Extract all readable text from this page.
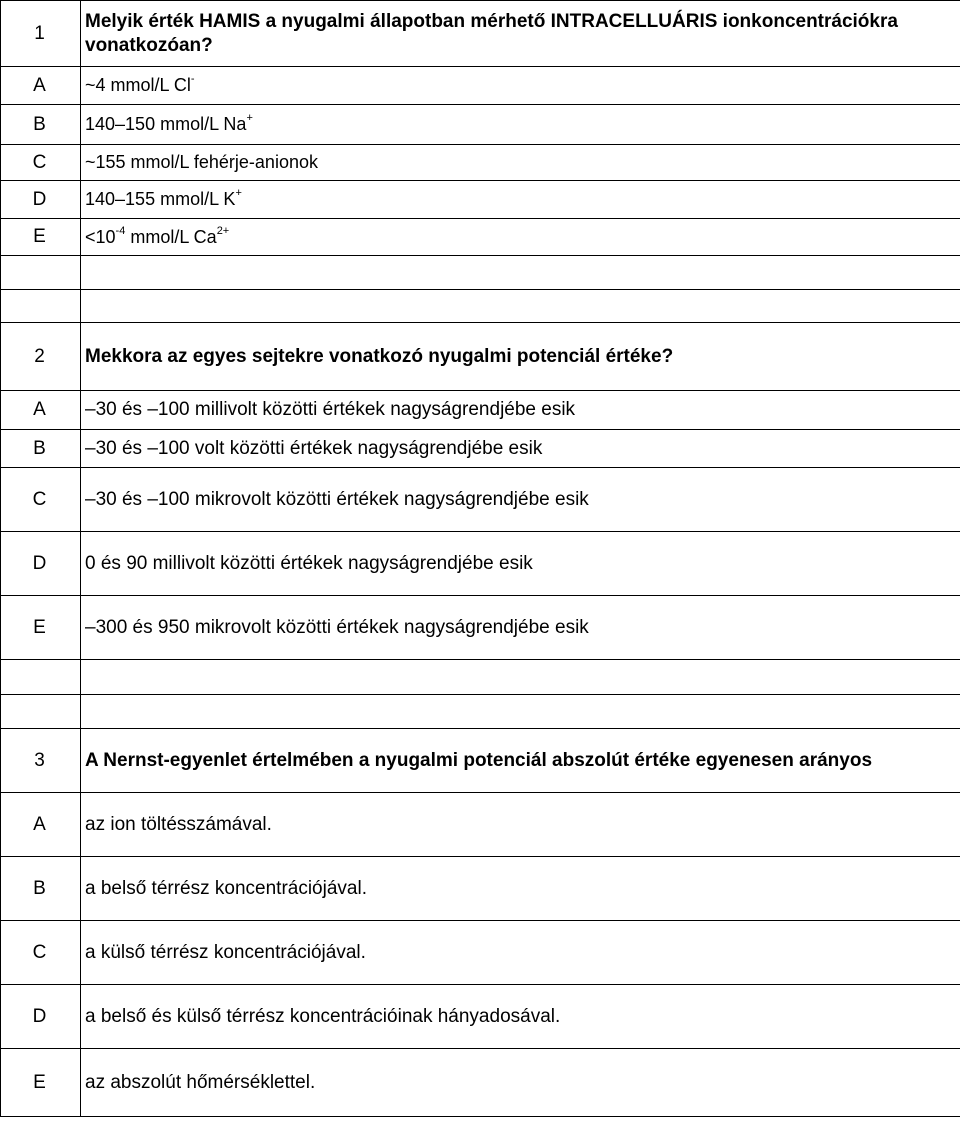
1	Melyik érték HAMIS a nyugalmi állapotban mérhető INTRACELLUÁRIS ionkoncentrációkra vonatkozóan?
A	~4 mmol/L Cl-
B	140–150 mmol/L Na+
C	~155 mmol/L fehérje-anionok
D	140–155 mmol/L K+
E	$<10^{-4}$ mmol/L $Ca^{2+}$

2	Mekkora az egyes sejtekre vonatkozó nyugalmi potenciál értéke?
A	–30 és –100 millivolt közötti értékek nagyságrendjébe esik
B	–30 és –100 volt közötti értékek nagyságrendjébe esik
C	–30 és –100 mikrovolt közötti értékek nagyságrendjébe esik
D	0 és 90 millivolt közötti értékek nagyságrendjébe esik
E	–300 és 950 mikrovolt közötti értékek nagyságrendjébe esik

3	A Nernst-egyenlet értelmében a nyugalmi potenciál abszolút értéke egyenesen arányos
A	az ion töltésszámával.
B	a belső térrész koncentrációjával.
C	a külső térrész koncentrációjával.
D	a belső és külső térrész koncentrációinak hányadosával.
E	az abszolút hőmérséklettel.
